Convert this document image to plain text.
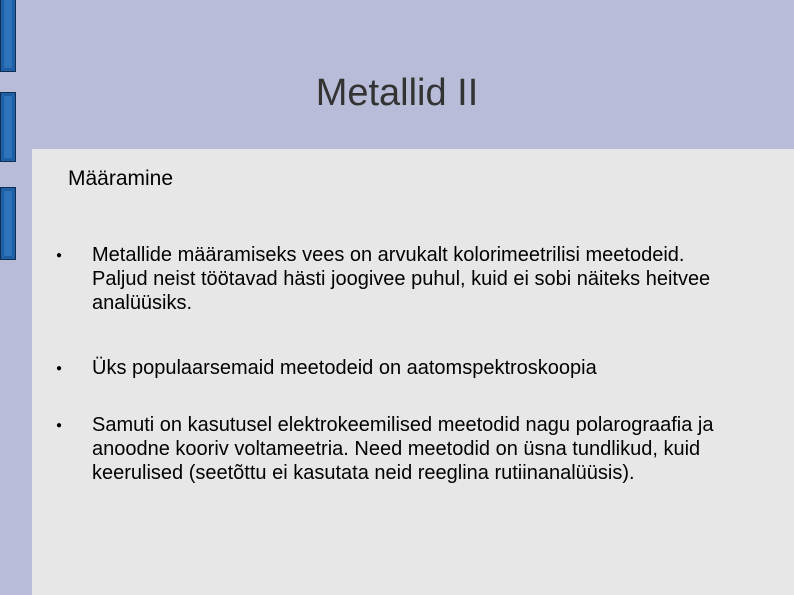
Metallid II
Määramine
● Metallide määramiseks vees on arvukalt kolorimeetrilisi meetodeid. Paljud neist töötavad hästi joogivee puhul, kuid ei sobi näiteks heitvee analüüsiks.
● Üks populaarsemaid meetodeid on aatomspektroskoopia
● Samuti on kasutusel elektrokeemilised meetodid nagu polarograafia ja anoodne kooriv voltameetria. Need meetodid on üsna tundlikud, kuid keerulised (seetõttu ei kasutata neid reeglina rutiinanalüüsis).
